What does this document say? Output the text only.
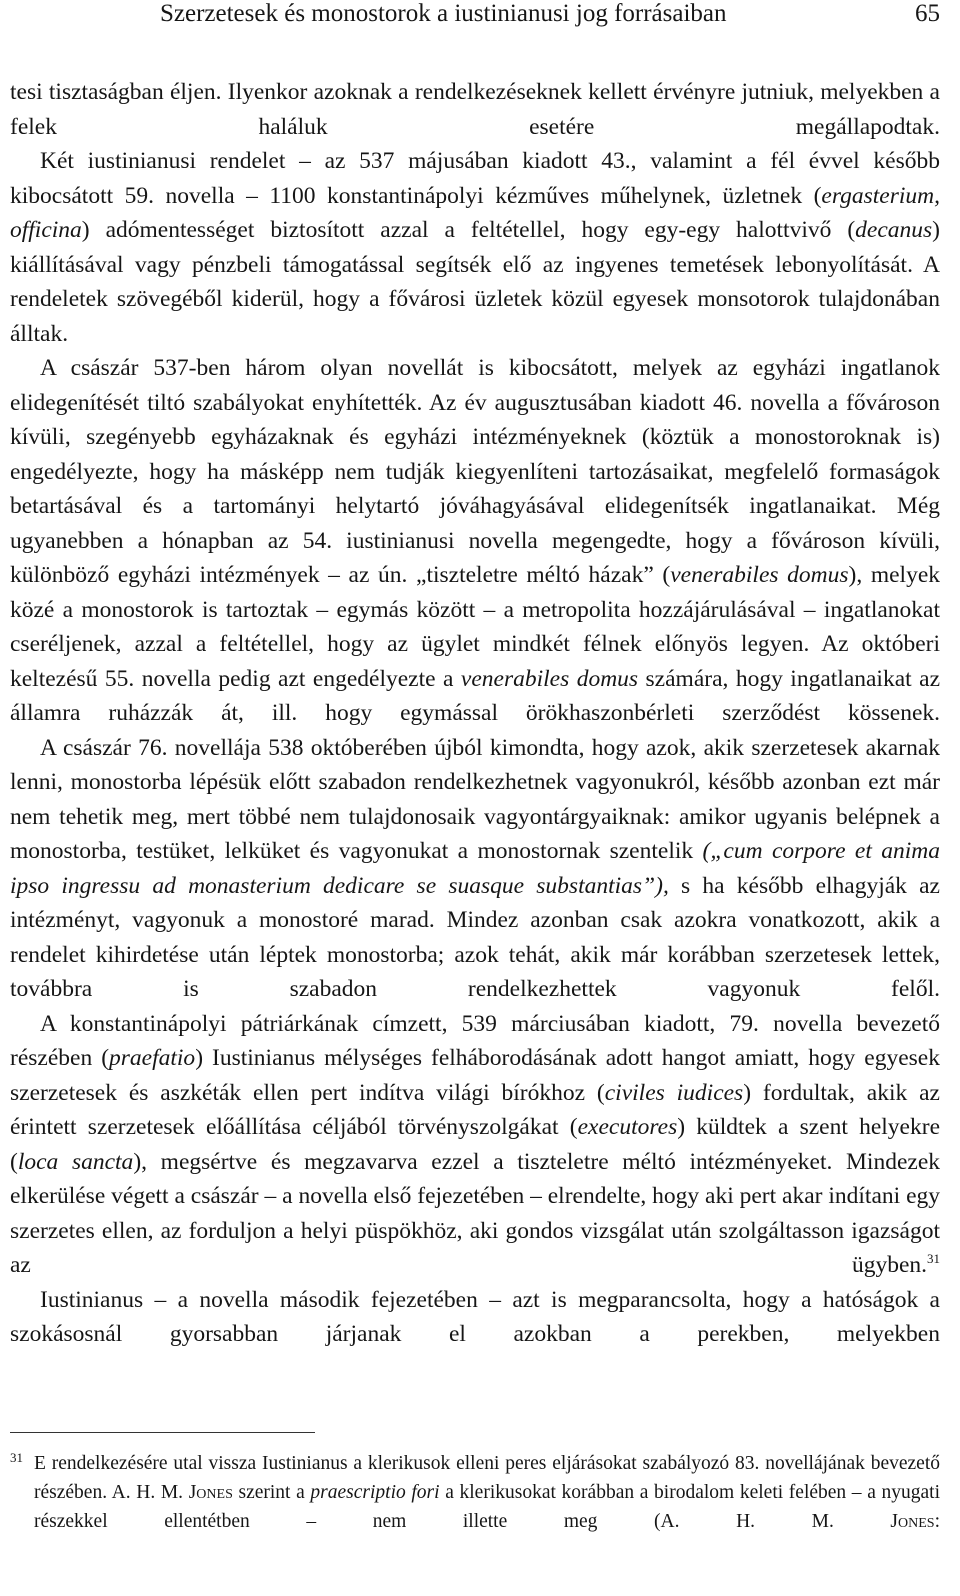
Szerzetesek és monostorok a iustinianusi jog forrásaiban	65

tesi tisztaságban éljen. Ilyenkor azoknak a rendelkezéseknek kellett érvényre jutniuk, melyekben a felek haláluk esetére megállapodtak.

Két iustinianusi rendelet – az 537 májusában kiadott 43., valamint a fél évvel később kibocsátott 59. novella – 1100 konstantinápolyi kézműves műhelynek, üzletnek (ergasterium, officina) adómentességet biztosított azzal a feltétellel, hogy egy-egy halottvivő (decanus) kiállításával vagy pénzbeli támogatással segítsék elő az ingyenes temetések lebonyolítását. A rendeletek szövegéből kiderül, hogy a fővárosi üzletek közül egyesek monsotorok tulajdonában álltak.

A császár 537-ben három olyan novellát is kibocsátott, melyek az egyházi ingatlanok elidegenítését tiltó szabályokat enyhítették. Az év augusztusában kiadott 46. novella a fővároson kívüli, szegényebb egyházaknak és egyházi intézményeknek (köztük a monostoroknak is) engedélyezte, hogy ha másképp nem tudják kiegyenlíteni tartozásaikat, megfelelő formaságok betartásával és a tartományi helytartó jóváhagyásával elidegenítsék ingatlanaikat. Még ugyanebben a hónapban az 54. iustinianusi novella megengedte, hogy a fővároson kívüli, különböző egyházi intézmények – az ún. „tiszteletre méltó házak” (venerabiles domus), melyek közé a monostorok is tartoztak – egymás között – a metropolita hozzájárulásával – ingatlanokat cseréljenek, azzal a feltétellel, hogy az ügylet mindkét félnek előnyös legyen. Az októberi keltezésű 55. novella pedig azt engedélyezte a venerabiles domus számára, hogy ingatlanaikat az államra ruházzák át, ill. hogy egymással örökhaszonbérleti szerződést kössenek.

A császár 76. novellája 538 októberében újból kimondta, hogy azok, akik szerzetesek akarnak lenni, monostorba lépésük előtt szabadon rendelkezhetnek vagyonukról, később azonban ezt már nem tehetik meg, mert többé nem tulajdonosaik vagyontárgyaiknak: amikor ugyanis belépnek a monostorba, testüket, lelküket és vagyonukat a monostornak szentelik („cum corpore et anima ipso ingressu ad monasterium dedicare se suasque substantias”), s ha később elhagyják az intézményt, vagyonuk a monostoré marad. Mindez azonban csak azokra vonatkozott, akik a rendelet kihirdetése után léptek monostorba; azok tehát, akik már korábban szerzetesek lettek, továbbra is szabadon rendelkezhettek vagyonuk felől.

A konstantinápolyi pátriárkának címzett, 539 márciusában kiadott, 79. novella bevezető részében (praefatio) Iustinianus mélységes felháborodásának adott hangot amiatt, hogy egyesek szerzetesek és aszkéták ellen pert indítva világi bírókhoz (civiles iudices) fordultak, akik az érintett szerzetesek előállítása céljából törvényszolgákat (executores) küldtek a szent helyekre (loca sancta), megsértve és megzavarva ezzel a tiszteletre méltó intézményeket. Mindezek elkerülése végett a császár – a novella első fejezetében – elrendelte, hogy aki pert akar indítani egy szerzetes ellen, az forduljon a helyi püspökhöz, aki gondos vizsgálat után szolgáltasson igazságot az ügyben.$^{31}$

Iustinianus – a novella második fejezetében – azt is megparancsolta, hogy a hatóságok a szokásosnál gyorsabban járjanak el azokban a perekben, melyekben

31 E rendelkezésére utal vissza Iustinianus a klerikusok elleni peres eljárásokat szabályozó 83. novellájának bevezető részében. A. H. M. Jones szerint a praescriptio fori a klerikusokat korábban a birodalom keleti felében – a nyugati részekkel ellentétben – nem illette meg (A. H. M. Jones:
